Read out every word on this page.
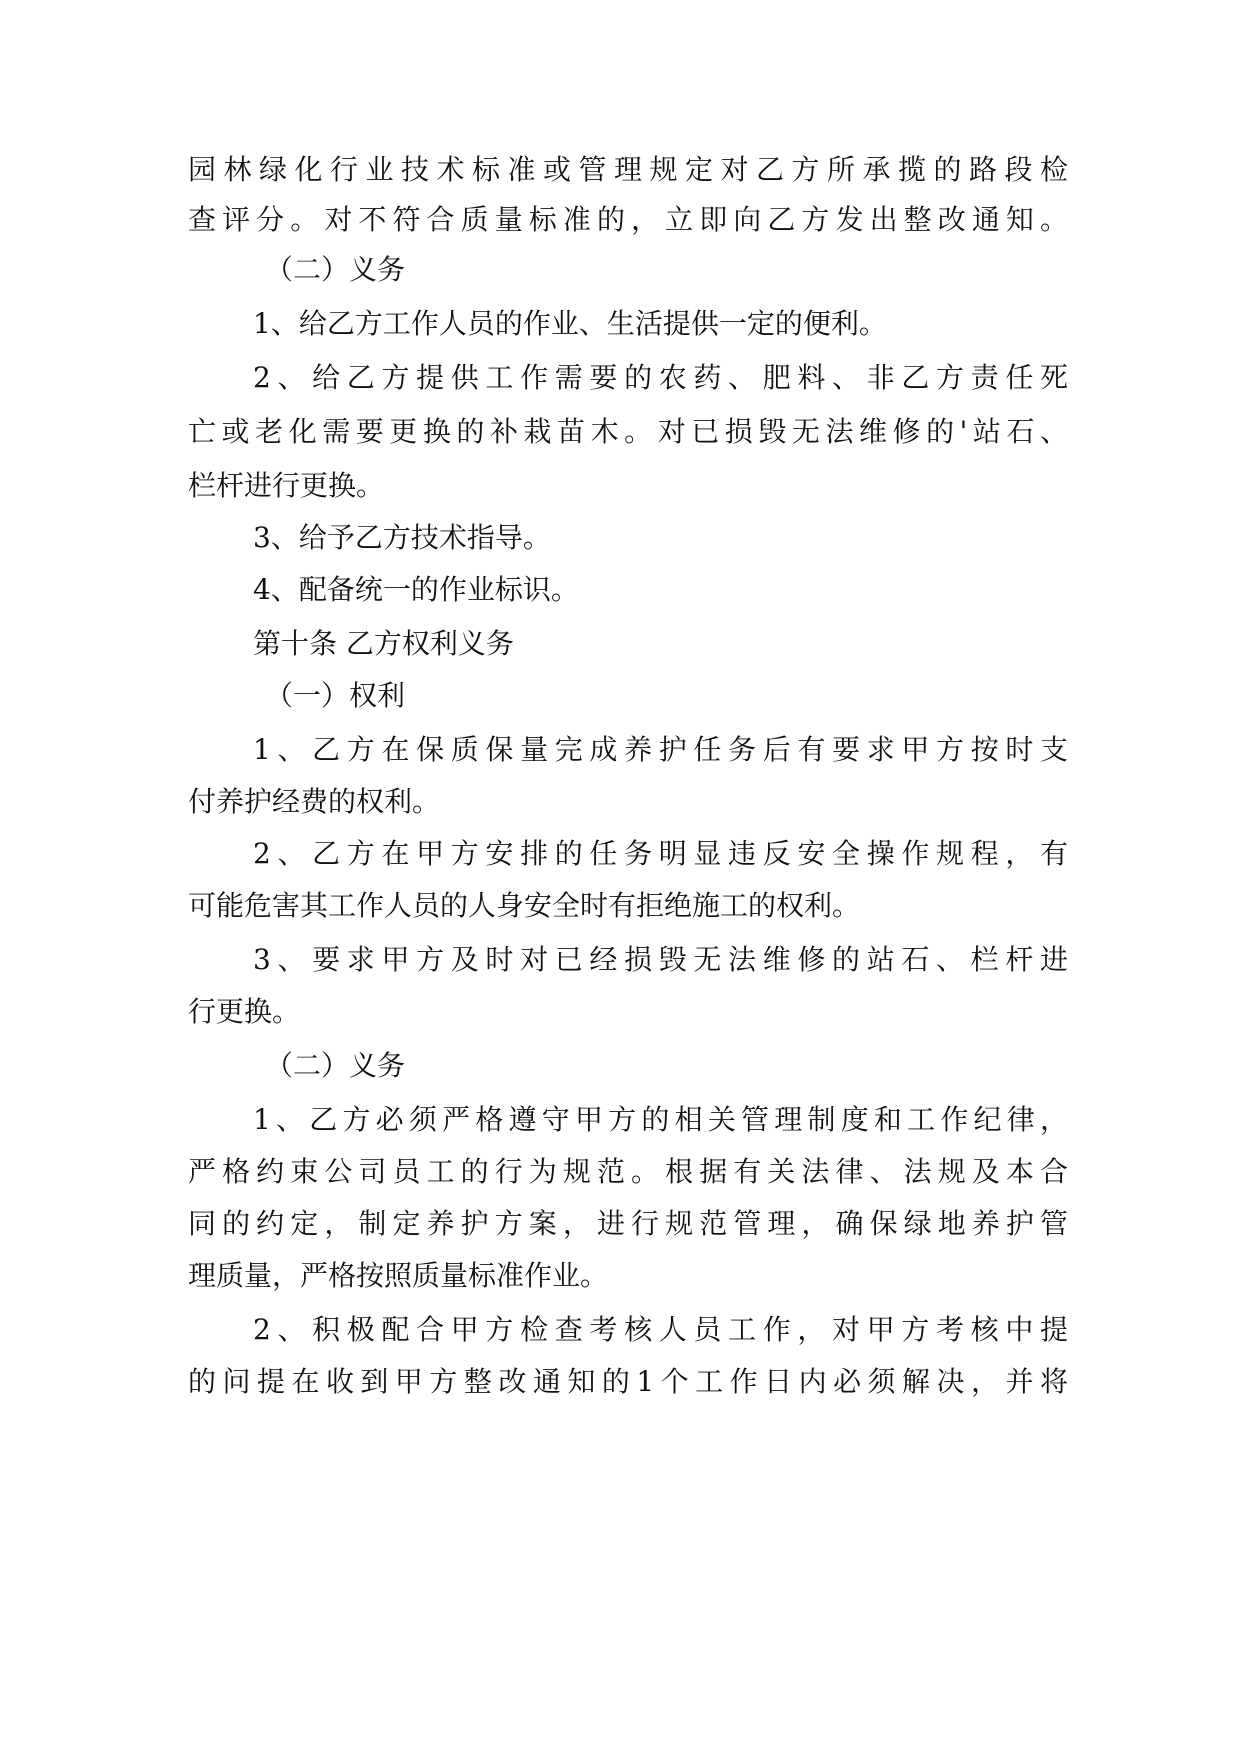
园林绿化行业技术标准或管理规定对乙方所承揽的路段检
查评分。对不符合质量标准的，立即向乙方发出整改通知。
（二）义务
1、给乙方工作人员的作业、生活提供一定的便利。
2、给乙方提供工作需要的农药、肥料、非乙方责任死
亡或老化需要更换的补栽苗木。对已损毁无法维修的'站石、
栏杆进行更换。
3、给予乙方技术指导。
4、配备统一的作业标识。
第十条 乙方权利义务
（一）权利
1、乙方在保质保量完成养护任务后有要求甲方按时支
付养护经费的权利。
2、乙方在甲方安排的任务明显违反安全操作规程，有
可能危害其工作人员的人身安全时有拒绝施工的权利。
3、要求甲方及时对已经损毁无法维修的站石、栏杆进
行更换。
（二）义务
1、乙方必须严格遵守甲方的相关管理制度和工作纪律，
严格约束公司员工的行为规范。根据有关法律、法规及本合
同的约定，制定养护方案，进行规范管理，确保绿地养护管
理质量，严格按照质量标准作业。
2、积极配合甲方检查考核人员工作，对甲方考核中提
的问提在收到甲方整改通知的1个工作日内必须解决，并将
